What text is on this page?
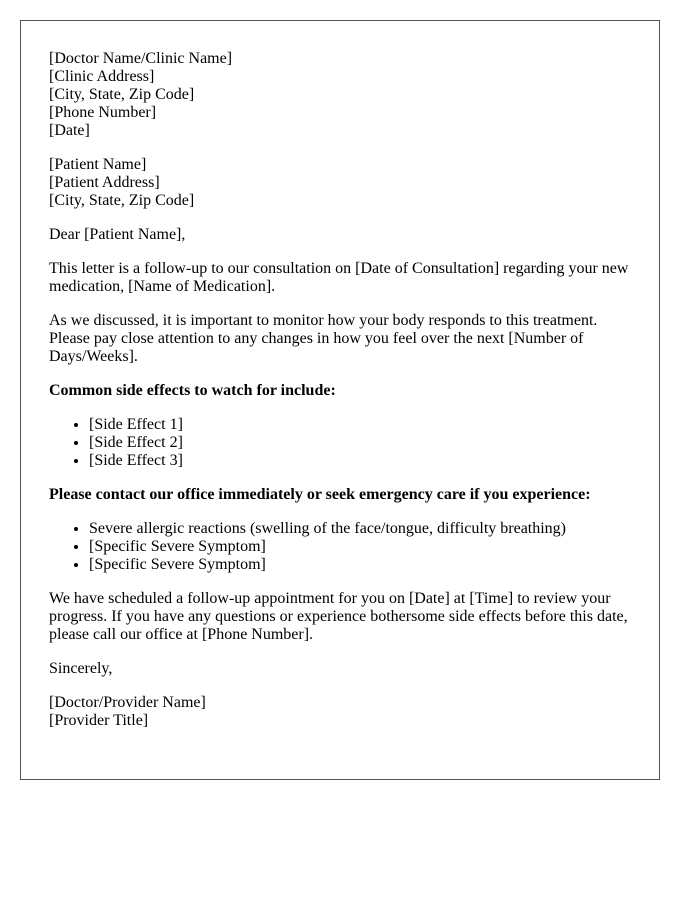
[Doctor Name/Clinic Name]
[Clinic Address]
[City, State, Zip Code]
[Phone Number]
[Date]
[Patient Name]
[Patient Address]
[City, State, Zip Code]

Dear [Patient Name],

This letter is a follow-up to our consultation on [Date of Consultation] regarding your new medication, [Name of Medication].

As we discussed, it is important to monitor how your body responds to this treatment. Please pay close attention to any changes in how you feel over the next [Number of Days/Weeks].

Common side effects to watch for include:

• [Side Effect 1]
• [Side Effect 2]
• [Side Effect 3]

Please contact our office immediately or seek emergency care if you experience:

• Severe allergic reactions (swelling of the face/tongue, difficulty breathing)
• [Specific Severe Symptom]
• [Specific Severe Symptom]

We have scheduled a follow-up appointment for you on [Date] at [Time] to review your progress. If you have any questions or experience bothersome side effects before this date, please call our office at [Phone Number].

Sincerely,

[Doctor/Provider Name]
[Provider Title]
